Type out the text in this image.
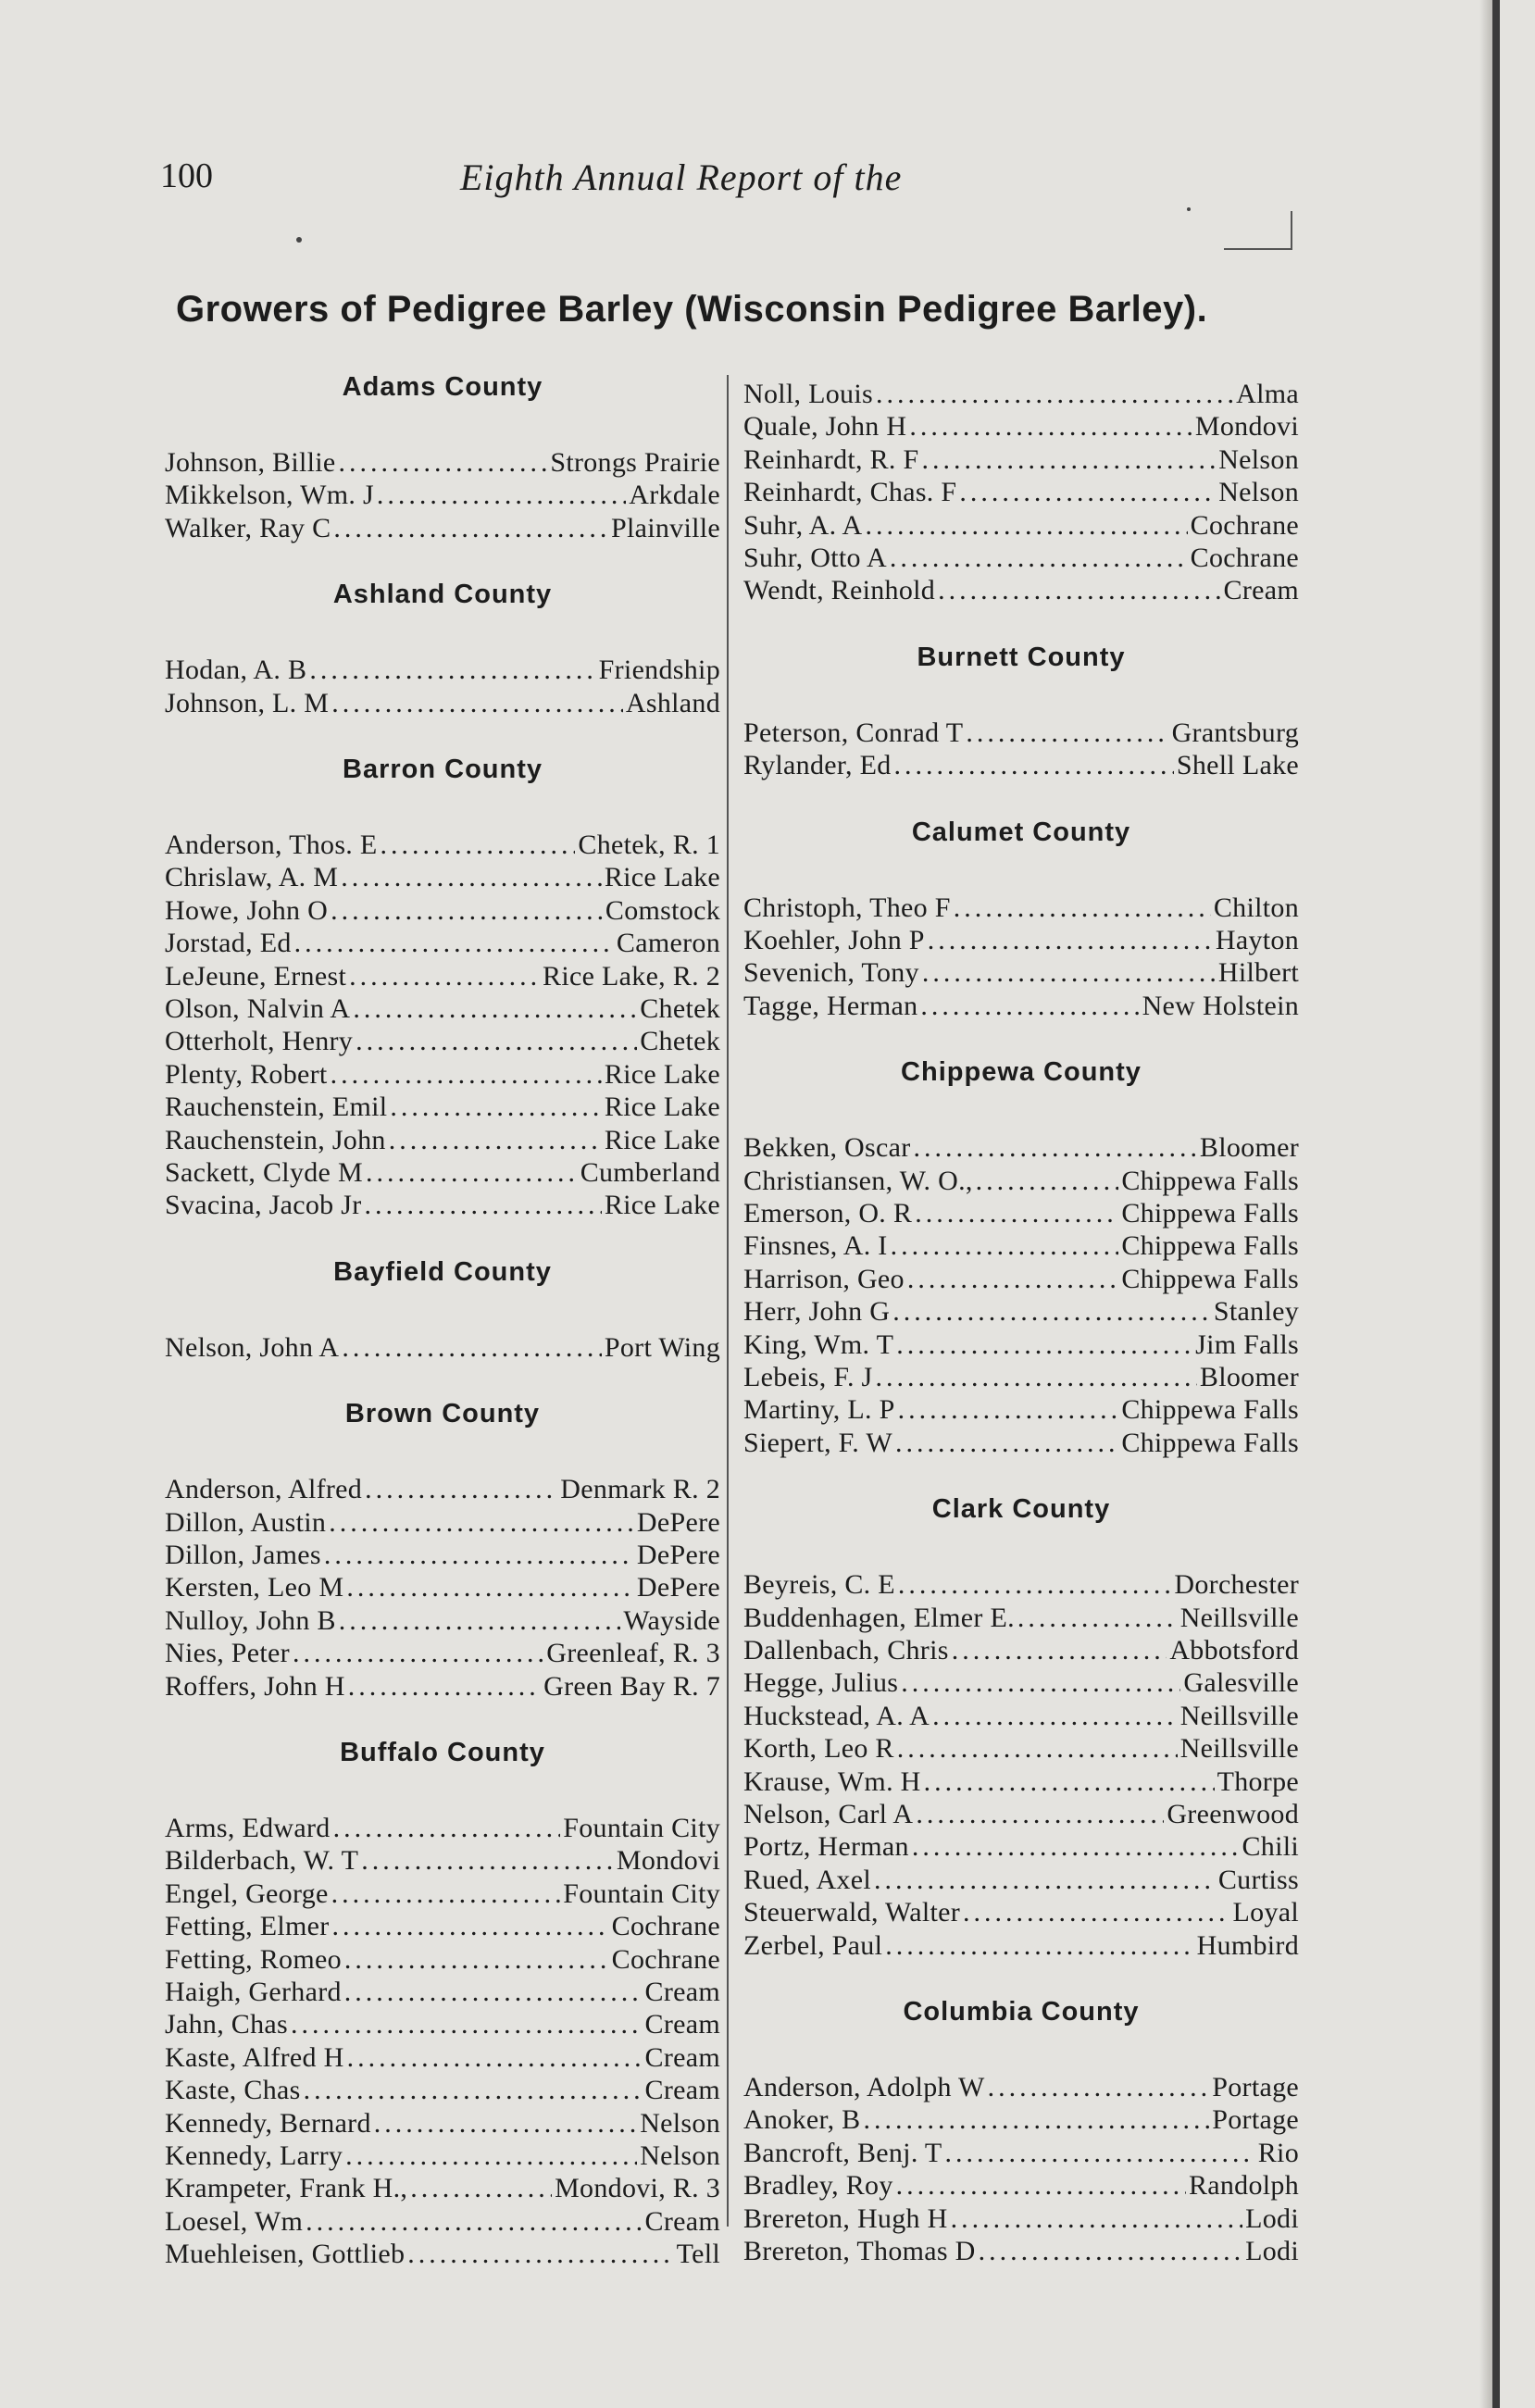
100	Eighth Annual Report of the
Growers of Pedigree Barley (Wisconsin Pedigree Barley).
Adams County
Johnson, Billie .....	Strongs Prairie
Mikkelson, Wm. J .....	Arkdale
Walker, Ray C .....	Plainville
Ashland County
Hodan, A. B .....	Friendship
Johnson, L. M .....	Ashland
Barron County
Anderson, Thos. E .....	Chetek, R. 1
Chrislaw, A. M .....	Rice Lake
Howe, John O .....	Comstock
Jorstad, Ed .....	Cameron
LeJeune, Ernest .....	Rice Lake, R. 2
Olson, Nalvin A .....	Chetek
Otterholt, Henry .....	Chetek
Plenty, Robert .....	Rice Lake
Rauchenstein, Emil .....	Rice Lake
Rauchenstein, John .....	Rice Lake
Sackett, Clyde M .....	Cumberland
Svacina, Jacob Jr .....	Rice Lake
Bayfield County
Nelson, John A .....	Port Wing
Brown County
Anderson, Alfred .....	Denmark R. 2
Dillon, Austin .....	DePere
Dillon, James .....	DePere
Kersten, Leo M .....	DePere
Nulloy, John B .....	Wayside
Nies, Peter .....	Greenleaf, R. 3
Roffers, John H .....	Green Bay R. 7
Buffalo County
Arms, Edward .....	Fountain City
Bilderbach, W. T .....	Mondovi
Engel, George .....	Fountain City
Fetting, Elmer .....	Cochrane
Fetting, Romeo .....	Cochrane
Haigh, Gerhard .....	Cream
Jahn, Chas .....	Cream
Kaste, Alfred H .....	Cream
Kaste, Chas .....	Cream
Kennedy, Bernard .....	Nelson
Kennedy, Larry .....	Nelson
Krampeter, Frank H., .....	Mondovi, R. 3
Loesel, Wm .....	Cream
Muehleisen, Gottlieb .....	Tell
Noll, Louis .....	Alma
Quale, John H .....	Mondovi
Reinhardt, R. F .....	Nelson
Reinhardt, Chas. F .....	Nelson
Suhr, A. A .....	Cochrane
Suhr, Otto A .....	Cochrane
Wendt, Reinhold .....	Cream
Burnett County
Peterson, Conrad T .....	Grantsburg
Rylander, Ed .....	Shell Lake
Calumet County
Christoph, Theo F .....	Chilton
Koehler, John P .....	Hayton
Sevenich, Tony .....	Hilbert
Tagge, Herman .....	New Holstein
Chippewa County
Bekken, Oscar .....	Bloomer
Christiansen, W. O., .....	Chippewa Falls
Emerson, O. R .....	Chippewa Falls
Finsnes, A. I .....	Chippewa Falls
Harrison, Geo .....	Chippewa Falls
Herr, John G .....	Stanley
King, Wm. T .....	Jim Falls
Lebeis, F. J .....	Bloomer
Martiny, L. P .....	Chippewa Falls
Siepert, F. W .....	Chippewa Falls
Clark County
Beyreis, C. E .....	Dorchester
Buddenhagen, Elmer E. .....	Neillsville
Dallenbach, Chris .....	Abbotsford
Hegge, Julius .....	Galesville
Huckstead, A. A .....	Neillsville
Korth, Leo R .....	Neillsville
Krause, Wm. H .....	Thorpe
Nelson, Carl A .....	Greenwood
Portz, Herman .....	Chili
Rued, Axel .....	Curtiss
Steuerwald, Walter .....	Loyal
Zerbel, Paul .....	Humbird
Columbia County
Anderson, Adolph W .....	Portage
Anoker, B .....	Portage
Bancroft, Benj. T .....	Rio
Bradley, Roy .....	Randolph
Brereton, Hugh H .....	Lodi
Brereton, Thomas D .....	Lodi
